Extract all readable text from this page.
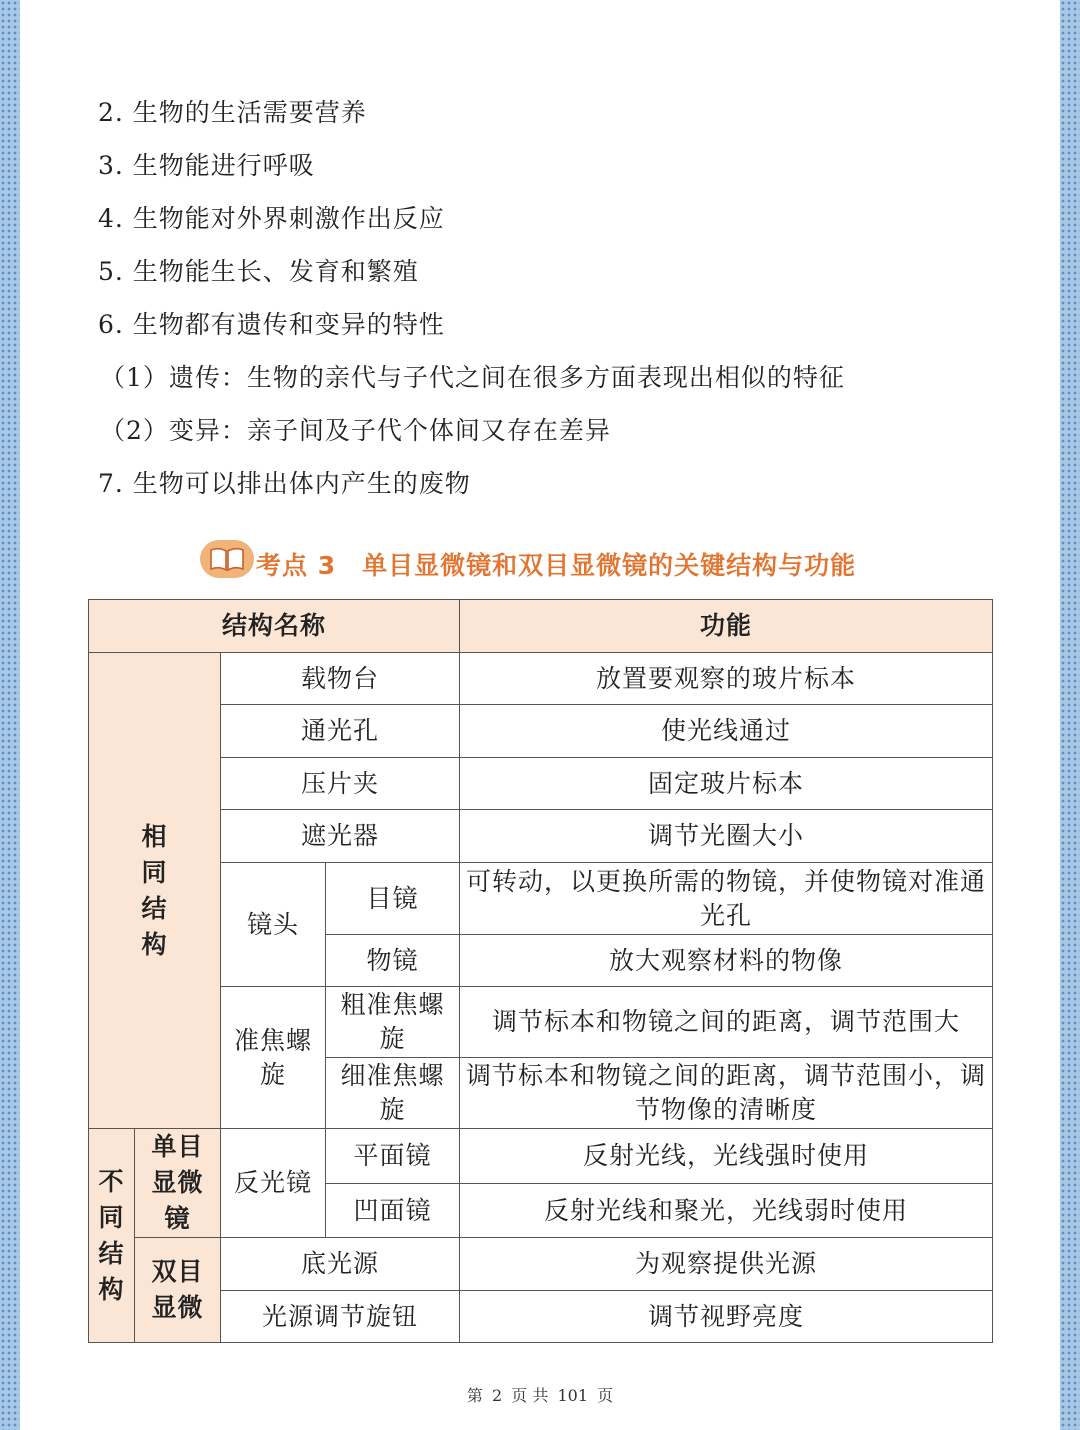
2. 生物的生活需要营养
3. 生物能进行呼吸
4. 生物能对外界刺激作出反应
5. 生物能生长、发育和繁殖
6. 生物都有遗传和变异的特性
（1）遗传：生物的亲代与子代之间在很多方面表现出相似的特征
（2）变异：亲子间及子代个体间又存在差异
7. 生物可以排出体内产生的废物
考点 3 单目显微镜和双目显微镜的关键结构与功能
结构名称				功能
相同结构		载物台		放置要观察的玻片标本
		通光孔		使光线通过
		压片夹		固定玻片标本
		遮光器		调节光圈大小
		镜头	目镜	可转动，以更换所需的物镜，并使物镜对准通光孔
			物镜	放大观察材料的物像
		准焦螺旋	粗准焦螺旋	调节标本和物镜之间的距离，调节范围大
			细准焦螺旋	调节标本和物镜之间的距离，调节范围小，调节物像的清晰度

不同结构	单目显微镜	反光镜	平面镜	反射光线，光线强时使用
			凹面镜	反射光线和聚光，光线弱时使用
	双目显微	底光源		为观察提供光源
		光源调节旋钮		调节视野亮度
第 2 页 共 101 页
